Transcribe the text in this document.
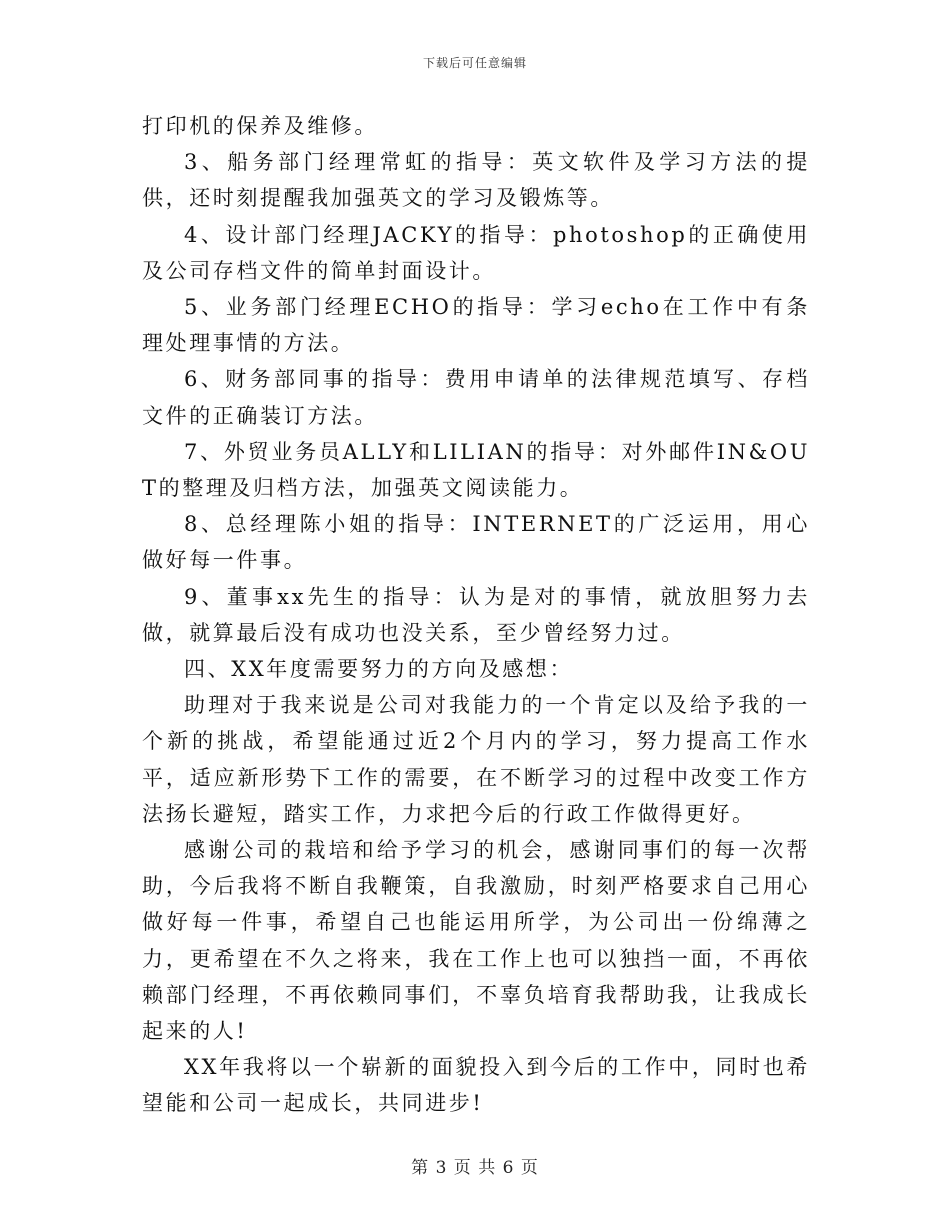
下载后可任意编辑

打印机的保养及维修。

3、船务部门经理常虹的指导：英文软件及学习方法的提供，还时刻提醒我加强英文的学习及锻炼等。

4、设计部门经理JACKY的指导：photoshop的正确使用及公司存档文件的简单封面设计。

5、业务部门经理ECHO的指导：学习echo在工作中有条理处理事情的方法。

6、财务部同事的指导：费用申请单的法律规范填写、存档文件的正确装订方法。

7、外贸业务员ALLY和LILIAN的指导：对外邮件IN&OUT的整理及归档方法，加强英文阅读能力。

8、总经理陈小姐的指导：INTERNET的广泛运用，用心做好每一件事。

9、董事xx先生的指导：认为是对的事情，就放胆努力去做，就算最后没有成功也没关系，至少曾经努力过。

四、XX年度需要努力的方向及感想：

助理对于我来说是公司对我能力的一个肯定以及给予我的一个新的挑战，希望能通过近2个月内的学习，努力提高工作水平，适应新形势下工作的需要，在不断学习的过程中改变工作方法扬长避短，踏实工作，力求把今后的行政工作做得更好。

感谢公司的栽培和给予学习的机会，感谢同事们的每一次帮助，今后我将不断自我鞭策，自我激励，时刻严格要求自己用心做好每一件事，希望自己也能运用所学，为公司出一份绵薄之力，更希望在不久之将来，我在工作上也可以独挡一面，不再依赖部门经理，不再依赖同事们，不辜负培育我帮助我，让我成长起来的人!

XX年我将以一个崭新的面貌投入到今后的工作中，同时也希望能和公司一起成长，共同进步!

第 3 页 共 6 页
